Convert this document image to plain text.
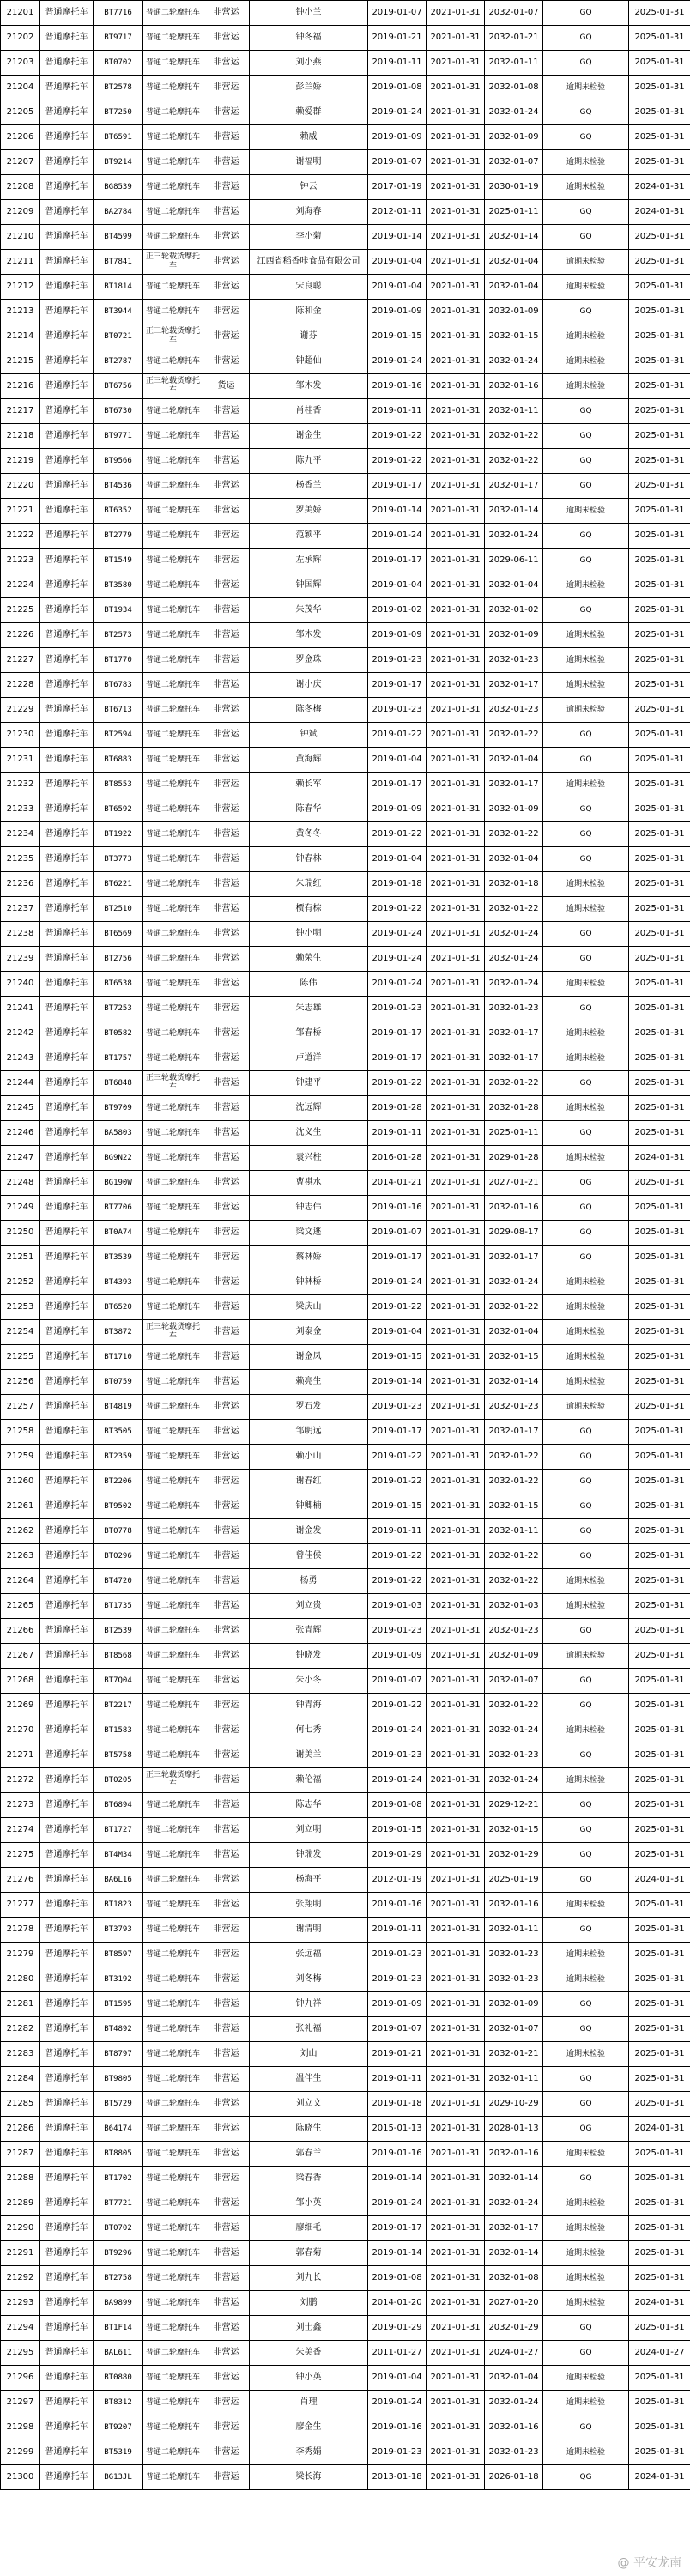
21201	普通摩托车	BT7716	普通二轮摩托车	非营运	钟小兰	2019-01-07	2021-01-31	2032-01-07	GQ	2025-01-31
21202	普通摩托车	BT9717	普通二轮摩托车	非营运	钟冬福	2019-01-21	2021-01-31	2032-01-21	GQ	2025-01-31
21203	普通摩托车	BT0702	普通二轮摩托车	非营运	刘小燕	2019-01-11	2021-01-31	2032-01-11	GQ	2025-01-31
21204	普通摩托车	BT2578	普通二轮摩托车	非营运	彭兰娇	2019-01-08	2021-01-31	2032-01-08	逾期未检验	2025-01-31
21205	普通摩托车	BT7250	普通二轮摩托车	非营运	赖爱群	2019-01-24	2021-01-31	2032-01-24	GQ	2025-01-31
21206	普通摩托车	BT6591	普通二轮摩托车	非营运	赖威	2019-01-09	2021-01-31	2032-01-09	GQ	2025-01-31
21207	普通摩托车	BT9214	普通二轮摩托车	非营运	谢福明	2019-01-07	2021-01-31	2032-01-07	逾期未检验	2025-01-31
21208	普通摩托车	BG8539	普通二轮摩托车	非营运	钟云	2017-01-19	2021-01-31	2030-01-19	逾期未检验	2024-01-31
21209	普通摩托车	BA2784	普通二轮摩托车	非营运	刘海春	2012-01-11	2021-01-31	2025-01-11	GQ	2024-01-31
21210	普通摩托车	BT4599	普通二轮摩托车	非营运	李小菊	2019-01-14	2021-01-31	2032-01-14	GQ	2025-01-31
21211	普通摩托车	BT7841	正三轮载货摩托车	非营运	江西省稻香咔食品有限公司	2019-01-04	2021-01-31	2032-01-04	逾期未检验	2025-01-31
21212	普通摩托车	BT1814	普通二轮摩托车	非营运	宋良聪	2019-01-04	2021-01-31	2032-01-04	逾期未检验	2025-01-31
21213	普通摩托车	BT3944	普通二轮摩托车	非营运	陈和金	2019-01-09	2021-01-31	2032-01-09	GQ	2025-01-31
21214	普通摩托车	BT0721	正三轮载货摩托车	非营运	谢芬	2019-01-15	2021-01-31	2032-01-15	逾期未检验	2025-01-31
21215	普通摩托车	BT2787	普通二轮摩托车	非营运	钟超仙	2019-01-24	2021-01-31	2032-01-24	逾期未检验	2025-01-31
21216	普通摩托车	BT6756	正三轮载货摩托车	货运	邹木发	2019-01-16	2021-01-31	2032-01-16	逾期未检验	2025-01-31
21217	普通摩托车	BT6730	普通二轮摩托车	非营运	肖桂香	2019-01-11	2021-01-31	2032-01-11	GQ	2025-01-31
21218	普通摩托车	BT9771	普通二轮摩托车	非营运	谢金生	2019-01-22	2021-01-31	2032-01-22	GQ	2025-01-31
21219	普通摩托车	BT9566	普通二轮摩托车	非营运	陈九平	2019-01-22	2021-01-31	2032-01-22	GQ	2025-01-31
21220	普通摩托车	BT4536	普通二轮摩托车	非营运	杨香兰	2019-01-17	2021-01-31	2032-01-17	GQ	2025-01-31
21221	普通摩托车	BT6352	普通二轮摩托车	非营运	罗美娇	2019-01-14	2021-01-31	2032-01-14	逾期未检验	2025-01-31
21222	普通摩托车	BT2779	普通二轮摩托车	非营运	范颖平	2019-01-24	2021-01-31	2032-01-24	GQ	2025-01-31
21223	普通摩托车	BT1549	普通二轮摩托车	非营运	左承辉	2019-01-17	2021-01-31	2029-06-11	GQ	2025-01-31
21224	普通摩托车	BT3580	普通二轮摩托车	非营运	钟国辉	2019-01-04	2021-01-31	2032-01-04	逾期未检验	2025-01-31
21225	普通摩托车	BT1934	普通二轮摩托车	非营运	朱茂华	2019-01-02	2021-01-31	2032-01-02	GQ	2025-01-31
21226	普通摩托车	BT2573	普通二轮摩托车	非营运	邹木发	2019-01-09	2021-01-31	2032-01-09	逾期未检验	2025-01-31
21227	普通摩托车	BT1770	普通二轮摩托车	非营运	罗金珠	2019-01-23	2021-01-31	2032-01-23	逾期未检验	2025-01-31
21228	普通摩托车	BT6783	普通二轮摩托车	非营运	谢小庆	2019-01-17	2021-01-31	2032-01-17	逾期未检验	2025-01-31
21229	普通摩托车	BT6713	普通二轮摩托车	非营运	陈冬梅	2019-01-23	2021-01-31	2032-01-23	逾期未检验	2025-01-31
21230	普通摩托车	BT2594	普通二轮摩托车	非营运	钟斌	2019-01-22	2021-01-31	2032-01-22	GQ	2025-01-31
21231	普通摩托车	BT6883	普通二轮摩托车	非营运	黄海辉	2019-01-04	2021-01-31	2032-01-04	GQ	2025-01-31
21232	普通摩托车	BT8553	普通二轮摩托车	非营运	赖长军	2019-01-17	2021-01-31	2032-01-17	逾期未检验	2025-01-31
21233	普通摩托车	BT6592	普通二轮摩托车	非营运	陈春华	2019-01-09	2021-01-31	2032-01-09	GQ	2025-01-31
21234	普通摩托车	BT1922	普通二轮摩托车	非营运	黄冬冬	2019-01-22	2021-01-31	2032-01-22	GQ	2025-01-31
21235	普通摩托车	BT3773	普通二轮摩托车	非营运	钟春林	2019-01-04	2021-01-31	2032-01-04	GQ	2025-01-31
21236	普通摩托车	BT6221	普通二轮摩托车	非营运	朱瑞红	2019-01-18	2021-01-31	2032-01-18	逾期未检验	2025-01-31
21237	普通摩托车	BT2510	普通二轮摩托车	非营运	槚有棕	2019-01-22	2021-01-31	2032-01-22	逾期未检验	2025-01-31
21238	普通摩托车	BT6569	普通二轮摩托车	非营运	钟小明	2019-01-24	2021-01-31	2032-01-24	GQ	2025-01-31
21239	普通摩托车	BT2756	普通二轮摩托车	非营运	赖荣生	2019-01-24	2021-01-31	2032-01-24	GQ	2025-01-31
21240	普通摩托车	BT6538	普通二轮摩托车	非营运	陈伟	2019-01-24	2021-01-31	2032-01-24	逾期未检验	2025-01-31
21241	普通摩托车	BT7253	普通二轮摩托车	非营运	朱志雄	2019-01-23	2021-01-31	2032-01-23	GQ	2025-01-31
21242	普通摩托车	BT0582	普通二轮摩托车	非营运	邹春桥	2019-01-17	2021-01-31	2032-01-17	逾期未检验	2025-01-31
21243	普通摩托车	BT1757	普通二轮摩托车	非营运	卢道洋	2019-01-17	2021-01-31	2032-01-17	逾期未检验	2025-01-31
21244	普通摩托车	BT6848	正三轮载货摩托车	非营运	钟建平	2019-01-22	2021-01-31	2032-01-22	GQ	2025-01-31
21245	普通摩托车	BT9709	普通二轮摩托车	非营运	沈远辉	2019-01-28	2021-01-31	2032-01-28	逾期未检验	2025-01-31
21246	普通摩托车	BA5803	普通二轮摩托车	非营运	沈义生	2019-01-11	2021-01-31	2025-01-11	GQ	2025-01-31
21247	普通摩托车	BG9N22	普通二轮摩托车	非营运	袁兴柱	2016-01-28	2021-01-31	2029-01-28	逾期未检验	2024-01-31
21248	普通摩托车	BG190W	普通二轮摩托车	非营运	曹祺水	2014-01-21	2021-01-31	2027-01-21	QG	2025-01-31
21249	普通摩托车	BT7706	普通二轮摩托车	非营运	钟志伟	2019-01-16	2021-01-31	2032-01-16	GQ	2025-01-31
21250	普通摩托车	BT0A74	普通二轮摩托车	非营运	梁文逃	2019-01-07	2021-01-31	2029-08-17	GQ	2025-01-31
21251	普通摩托车	BT3539	普通二轮摩托车	非营运	蔡林娇	2019-01-17	2021-01-31	2032-01-17	GQ	2025-01-31
21252	普通摩托车	BT4393	普通二轮摩托车	非营运	钟林桥	2019-01-24	2021-01-31	2032-01-24	逾期未检验	2025-01-31
21253	普通摩托车	BT6520	普通二轮摩托车	非营运	梁庆山	2019-01-22	2021-01-31	2032-01-22	逾期未检验	2025-01-31
21254	普通摩托车	BT3872	正三轮载货摩托车	非营运	刘泰金	2019-01-04	2021-01-31	2032-01-04	逾期未检验	2025-01-31
21255	普通摩托车	BT1710	普通二轮摩托车	非营运	谢金凤	2019-01-15	2021-01-31	2032-01-15	逾期未检验	2025-01-31
21256	普通摩托车	BT0759	普通二轮摩托车	非营运	赖亮生	2019-01-14	2021-01-31	2032-01-14	逾期未检验	2025-01-31
21257	普通摩托车	BT4819	普通二轮摩托车	非营运	罗石发	2019-01-23	2021-01-31	2032-01-23	逾期未检验	2025-01-31
21258	普通摩托车	BT3505	普通二轮摩托车	非营运	邹明远	2019-01-17	2021-01-31	2032-01-17	GQ	2025-01-31
21259	普通摩托车	BT2359	普通二轮摩托车	非营运	赖小山	2019-01-22	2021-01-31	2032-01-22	GQ	2025-01-31
21260	普通摩托车	BT2206	普通二轮摩托车	非营运	谢春红	2019-01-22	2021-01-31	2032-01-22	GQ	2025-01-31
21261	普通摩托车	BT9502	普通二轮摩托车	非营运	钟卿楠	2019-01-15	2021-01-31	2032-01-15	GQ	2025-01-31
21262	普通摩托车	BT0778	普通二轮摩托车	非营运	谢金发	2019-01-11	2021-01-31	2032-01-11	GQ	2025-01-31
21263	普通摩托车	BT0296	普通二轮摩托车	非营运	曾佳侯	2019-01-22	2021-01-31	2032-01-22	GQ	2025-01-31
21264	普通摩托车	BT4720	普通二轮摩托车	非营运	杨勇	2019-01-22	2021-01-31	2032-01-22	逾期未检验	2025-01-31
21265	普通摩托车	BT1735	普通二轮摩托车	非营运	刘立贵	2019-01-03	2021-01-31	2032-01-03	逾期未检验	2025-01-31
21266	普通摩托车	BT2539	普通二轮摩托车	非营运	张青辉	2019-01-23	2021-01-31	2032-01-23	GQ	2025-01-31
21267	普通摩托车	BT8568	普通二轮摩托车	非营运	钟晓发	2019-01-09	2021-01-31	2032-01-09	逾期未检验	2025-01-31
21268	普通摩托车	BT7Q04	普通二轮摩托车	非营运	朱小冬	2019-01-07	2021-01-31	2032-01-07	GQ	2025-01-31
21269	普通摩托车	BT2217	普通二轮摩托车	非营运	钟青海	2019-01-22	2021-01-31	2032-01-22	GQ	2025-01-31
21270	普通摩托车	BT1583	普通二轮摩托车	非营运	何七秀	2019-01-24	2021-01-31	2032-01-24	逾期未检验	2025-01-31
21271	普通摩托车	BT5758	普通二轮摩托车	非营运	谢美兰	2019-01-23	2021-01-31	2032-01-23	GQ	2025-01-31
21272	普通摩托车	BT0205	正三轮载货摩托车	非营运	赖伦福	2019-01-24	2021-01-31	2032-01-24	逾期未检验	2025-01-31
21273	普通摩托车	BT6894	普通二轮摩托车	非营运	陈志华	2019-01-08	2021-01-31	2029-12-21	GQ	2025-01-31
21274	普通摩托车	BT1727	普通二轮摩托车	非营运	刘立明	2019-01-15	2021-01-31	2032-01-15	GQ	2025-01-31
21275	普通摩托车	BT4M34	普通二轮摩托车	非营运	钟瑞发	2019-01-29	2021-01-31	2032-01-29	GQ	2025-01-31
21276	普通摩托车	BA6L16	普通二轮摩托车	非营运	杨海平	2012-01-19	2021-01-31	2025-01-19	GQ	2024-01-31
21277	普通摩托车	BT1823	普通二轮摩托车	非营运	张翔明	2019-01-16	2021-01-31	2032-01-16	逾期未检验	2025-01-31
21278	普通摩托车	BT3793	普通二轮摩托车	非营运	谢清明	2019-01-11	2021-01-31	2032-01-11	GQ	2025-01-31
21279	普通摩托车	BT8597	普通二轮摩托车	非营运	张远福	2019-01-23	2021-01-31	2032-01-23	逾期未检验	2025-01-31
21280	普通摩托车	BT3192	普通二轮摩托车	非营运	刘冬梅	2019-01-23	2021-01-31	2032-01-23	逾期未检验	2025-01-31
21281	普通摩托车	BT1595	普通二轮摩托车	非营运	钟九祥	2019-01-09	2021-01-31	2032-01-09	GQ	2025-01-31
21282	普通摩托车	BT4892	普通二轮摩托车	非营运	张礼福	2019-01-07	2021-01-31	2032-01-07	GQ	2025-01-31
21283	普通摩托车	BT8797	普通二轮摩托车	非营运	刘山	2019-01-21	2021-01-31	2032-01-21	逾期未检验	2025-01-31
21284	普通摩托车	BT9805	普通二轮摩托车	非营运	温伴生	2019-01-11	2021-01-31	2032-01-11	GQ	2025-01-31
21285	普通摩托车	BT5729	普通二轮摩托车	非营运	刘立文	2019-01-18	2021-01-31	2029-10-29	GQ	2025-01-31
21286	普通摩托车	B64174	普通二轮摩托车	非营运	陈晓生	2015-01-13	2021-01-31	2028-01-13	QG	2024-01-31
21287	普通摩托车	BT8805	普通二轮摩托车	非营运	郭春兰	2019-01-16	2021-01-31	2032-01-16	逾期未检验	2025-01-31
21288	普通摩托车	BT1702	普通二轮摩托车	非营运	梁春香	2019-01-14	2021-01-31	2032-01-14	GQ	2025-01-31
21289	普通摩托车	BT7721	普通二轮摩托车	非营运	邹小英	2019-01-24	2021-01-31	2032-01-24	逾期未检验	2025-01-31
21290	普通摩托车	BT0702	普通二轮摩托车	非营运	廖细毛	2019-01-17	2021-01-31	2032-01-17	逾期未检验	2025-01-31
21291	普通摩托车	BT9296	普通二轮摩托车	非营运	郭春菊	2019-01-14	2021-01-31	2032-01-14	逾期未检验	2025-01-31
21292	普通摩托车	BT2758	普通二轮摩托车	非营运	刘九长	2019-01-08	2021-01-31	2032-01-08	逾期未检验	2025-01-31
21293	普通摩托车	BA9899	普通二轮摩托车	非营运	刘鹏	2014-01-20	2021-01-31	2027-01-20	逾期未检验	2024-01-31
21294	普通摩托车	BT1F14	普通二轮摩托车	非营运	刘士鑫	2019-01-29	2021-01-31	2032-01-29	GQ	2025-01-31
21295	普通摩托车	BAL611	普通二轮摩托车	非营运	朱美香	2011-01-27	2021-01-31	2024-01-27	GQ	2024-01-27
21296	普通摩托车	BT0880	普通二轮摩托车	非营运	钟小英	2019-01-04	2021-01-31	2032-01-04	逾期未检验	2025-01-31
21297	普通摩托车	BT8312	普通二轮摩托车	非营运	肖理	2019-01-24	2021-01-31	2032-01-24	逾期未检验	2025-01-31
21298	普通摩托车	BT9207	普通二轮摩托车	非营运	廖金生	2019-01-16	2021-01-31	2032-01-16	GQ	2025-01-31
21299	普通摩托车	BT5319	普通二轮摩托车	非营运	李秀娟	2019-01-23	2021-01-31	2032-01-23	逾期未检验	2025-01-31
21300	普通摩托车	BG13JL	普通二轮摩托车	非营运	梁长海	2013-01-18	2021-01-31	2026-01-18	QG	2024-01-31
@ 平安龙南
